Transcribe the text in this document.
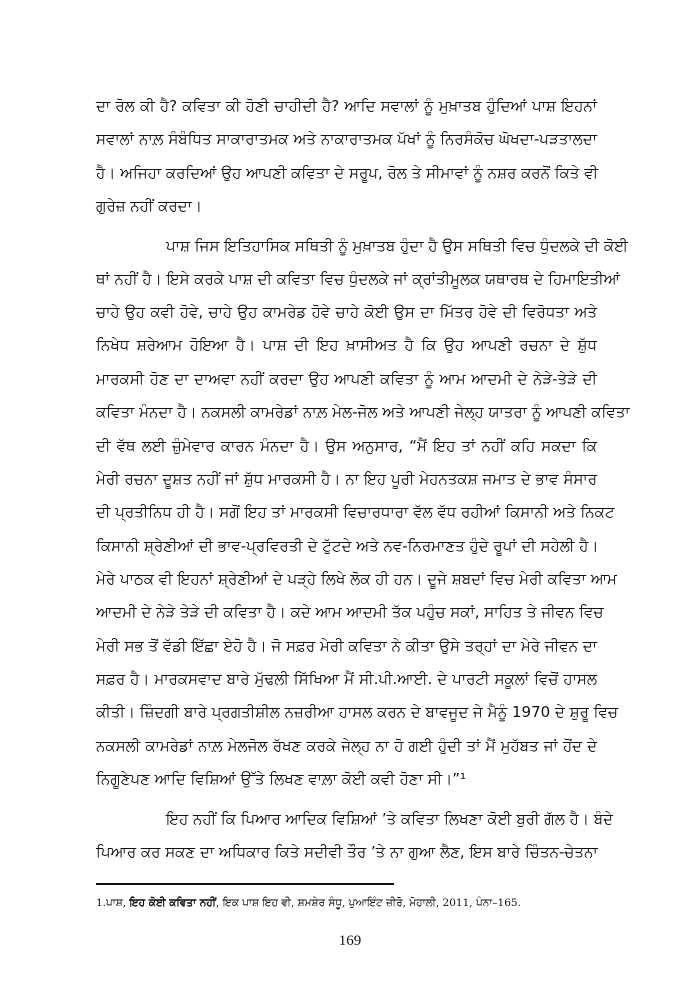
ਦਾ ਰੋਲ ਕੀ ਹੈ? ਕਵਿਤਾ ਕੀ ਹੋਣੀ ਚਾਹੀਦੀ ਹੈ? ਆਦਿ ਸਵਾਲਾਂ ਨੂੰ ਮੁਖ਼ਾਤਬ ਹੁੰਦਿਆਂ ਪਾਸ਼ ਇਹਨਾਂ
ਸਵਾਲਾਂ ਨਾਲ਼ ਸੰਬੰਧਿਤ ਸਾਕਾਰਾਤਮਕ ਅਤੇ ਨਾਕਾਰਾਤਮਕ ਪੱਖਾਂ ਨੂੰ ਨਿਰਸੰਕੋਚ ਘੋਖਦਾ-ਪੜਤਾਲਦਾ
ਹੈ। ਅਜਿਹਾ ਕਰਦਿਆਂ ਉਹ ਆਪਣੀ ਕਵਿਤਾ ਦੇ ਸਰੂਪ, ਰੋਲ ਤੇ ਸੀਮਾਵਾਂ ਨੂੰ ਨਸ਼ਰ ਕਰਨੋਂ ਕਿਤੇ ਵੀ
ਗੁਰੇਜ਼ ਨਹੀਂ ਕਰਦਾ।
ਪਾਸ਼ ਜਿਸ ਇਤਿਹਾਸਿਕ ਸਥਿਤੀ ਨੂੰ ਮੁਖ਼ਾਤਬ ਹੁੰਦਾ ਹੈ ਉਸ ਸਥਿਤੀ ਵਿਚ ਧੁੰਦਲਕੇ ਦੀ ਕੋਈ
ਥਾਂ ਨਹੀਂ ਹੈ। ਇਸੇ ਕਰਕੇ ਪਾਸ਼ ਦੀ ਕਵਿਤਾ ਵਿਚ ਧੁੰਦਲਕੇ ਜਾਂ ਕ੍ਰਾਂਤੀਮੂਲਕ ਯਥਾਰਥ ਦੇ ਹਿਮਾਇਤੀਆਂ
ਚਾਹੇ ਉਹ ਕਵੀ ਹੋਵੇ, ਚਾਹੇ ਉਹ ਕਾਮਰੇਡ ਹੋਵੇ ਚਾਹੇ ਕੋਈ ਉਸ ਦਾ ਮਿੱਤਰ ਹੋਵੇ ਦੀ ਵਿਰੋਧਤਾ ਅਤੇ
ਨਿਖੇਧ ਸ਼ਰੇਆਮ ਹੋਇਆ ਹੈ। ਪਾਸ਼ ਦੀ ਇਹ ਖ਼ਾਸੀਅਤ ਹੈ ਕਿ ਉਹ ਆਪਣੀ ਰਚਨਾ ਦੇ ਸ਼ੁੱਧ
ਮਾਰਕਸੀ ਹੋਣ ਦਾ ਦਾਅਵਾ ਨਹੀਂ ਕਰਦਾ ਉਹ ਆਪਣੀ ਕਵਿਤਾ ਨੂੰ ਆਮ ਆਦਮੀ ਦੇ ਨੇੜੇ-ਤੇੜੇ ਦੀ
ਕਵਿਤਾ ਮੰਨਦਾ ਹੈ। ਨਕਸਲੀ ਕਾਮਰੇਡਾਂ ਨਾਲ਼ ਮੇਲ-ਜੋਲ ਅਤੇ ਆਪਣੀ ਜੇਲ੍ਹ ਯਾਤਰਾ ਨੂੰ ਆਪਣੀ ਕਵਿਤਾ
ਦੀ ਵੱਥ ਲਈ ਜ਼ੁੰਮੇਵਾਰ ਕਾਰਨ ਮੰਨਦਾ ਹੈ। ਉਸ ਅਨੁਸਾਰ, “ਮੈਂ ਇਹ ਤਾਂ ਨਹੀਂ ਕਹਿ ਸਕਦਾ ਕਿ
ਮੇਰੀ ਰਚਨਾ ਦੂਸ਼ਤ ਨਹੀਂ ਜਾਂ ਸ਼ੁੱਧ ਮਾਰਕਸੀ ਹੈ। ਨਾ ਇਹ ਪੂਰੀ ਮੇਹਨਤਕਸ਼ ਜਮਾਤ ਦੇ ਭਾਵ ਸੰਸਾਰ
ਦੀ ਪ੍ਰਤੀਨਿਧ ਹੀ ਹੈ। ਸਗੋਂ ਇਹ ਤਾਂ ਮਾਰਕਸੀ ਵਿਚਾਰਧਾਰਾ ਵੱਲ ਵੱਧ ਰਹੀਆਂ ਕਿਸਾਨੀ ਅਤੇ ਨਿਕਟ
ਕਿਸਾਨੀ ਸ਼੍ਰੇਣੀਆਂ ਦੀ ਭਾਵ-ਪ੍ਰਵਿਰਤੀ ਦੇ ਟੁੱਟਦੇ ਅਤੇ ਨਵ-ਨਿਰਮਾਣਤ ਹੁੰਦੇ ਰੂਪਾਂ ਦੀ ਸਹੇਲੀ ਹੈ।
ਮੇਰੇ ਪਾਠਕ ਵੀ ਇਹਨਾਂ ਸ਼੍ਰੇਣੀਆਂ ਦੇ ਪੜ੍ਹੇ ਲਿਖੇ ਲੋਕ ਹੀ ਹਨ। ਦੂਜੇ ਸ਼ਬਦਾਂ ਵਿਚ ਮੇਰੀ ਕਵਿਤਾ ਆਮ
ਆਦਮੀ ਦੇ ਨੇੜੇ ਤੇੜੇ ਦੀ ਕਵਿਤਾ ਹੈ। ਕਦੇ ਆਮ ਆਦਮੀ ਤੱਕ ਪਹੁੰਚ ਸਕਾਂ, ਸਾਹਿਤ ਤੇ ਜੀਵਨ ਵਿਚ
ਮੇਰੀ ਸਭ ਤੋਂ ਵੱਡੀ ਇੱਛਾ ਏਹੋ ਹੈ। ਜੋ ਸਫ਼ਰ ਮੇਰੀ ਕਵਿਤਾ ਨੇ ਕੀਤਾ ਉਸੇ ਤਰ੍ਹਾਂ ਦਾ ਮੇਰੇ ਜੀਵਨ ਦਾ
ਸਫ਼ਰ ਹੈ। ਮਾਰਕਸਵਾਦ ਬਾਰੇ ਮੁੱਢਲੀ ਸਿੱਖਿਆ ਮੈਂ ਸੀ.ਪੀ.ਆਈ. ਦੇ ਪਾਰਟੀ ਸਕੂਲਾਂ ਵਿਚੋਂ ਹਾਸਲ
ਕੀਤੀ। ਜ਼ਿੰਦਗੀ ਬਾਰੇ ਪ੍ਰਗਤੀਸ਼ੀਲ ਨਜ਼ਰੀਆ ਹਾਸਲ ਕਰਨ ਦੇ ਬਾਵਜੂਦ ਜੇ ਮੈਨੂੰ 1970 ਦੇ ਸ਼ੁਰੂ ਵਿਚ
ਨਕਸਲੀ ਕਾਮਰੇਡਾਂ ਨਾਲ਼ ਮੇਲਜੋਲ ਰੱਖਣ ਕਰਕੇ ਜੇਲ੍ਹ ਨਾ ਹੋ ਗਈ ਹੁੰਦੀ ਤਾਂ ਮੈਂ ਮੁਹੱਬਤ ਜਾਂ ਹੋਂਦ ਦੇ
ਨਿਗੂਣੇਪਣ ਆਦਿ ਵਿਸ਼ਿਆਂ ਉੱਤੇ ਲਿਖਣ ਵਾਲ਼ਾ ਕੋਈ ਕਵੀ ਹੋਣਾ ਸੀ।”¹
ਇਹ ਨਹੀਂ ਕਿ ਪਿਆਰ ਆਦਿਕ ਵਿਸ਼ਿਆਂ ’ਤੇ ਕਵਿਤਾ ਲਿਖਣਾ ਕੋਈ ਬੁਰੀ ਗੱਲ ਹੈ। ਬੰਦੇ
ਪਿਆਰ ਕਰ ਸਕਣ ਦਾ ਅਧਿਕਾਰ ਕਿਤੇ ਸਦੀਵੀ ਤੌਰ ’ਤੇ ਨਾ ਗੁਆ ਲੈਣ, ਇਸ ਬਾਰੇ ਚਿੰਤਨ-ਚੇਤਨਾ
1.ਪਾਸ਼, ਇਹ ਕੋਈ ਕਵਿਤਾ ਨਹੀਂ, ਇਕ ਪਾਸ਼ ਇਹ ਵੀ, ਸ਼ਮਸ਼ੇਰ ਸੰਧੂ, ਪੁਆਇੰਟ ਜ਼ੀਰੋ, ਮੋਹਾਲੀ, 2011, ਪੰਨਾ–165.
169
